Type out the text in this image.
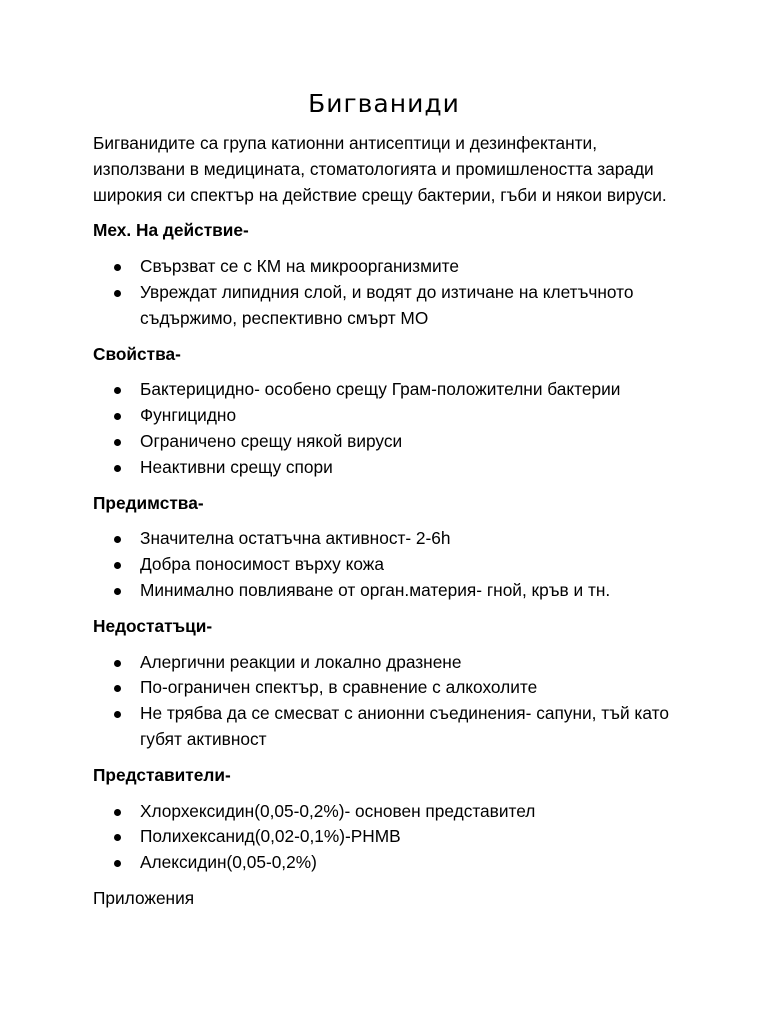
Бигваниди

Бигванидите са група катионни антисептици и дезинфектанти, използвани в медицината, стоматологията и промишлеността заради широкия си спектър на действие срещу бактерии, гъби и някои вируси.

Мех. На действие-

Свързват се с КМ на микроорганизмите
Увреждат липидния слой, и водят до изтичане на клетъчното съдържимо, респективно смърт МО

Свойства-

Бактерицидно- особено срещу Грам-положителни бактерии
Фунгицидно
Ограничено срещу някой вируси
Неактивни срещу спори

Предимства-

Значителна остатъчна активност- 2-6h
Добра поносимост върху кожа
Минимално повлияване от орган.материя- гной, кръв и тн.

Недостатъци-

Алергични реакции и локално дразнене
По-ограничен спектър, в сравнение с алкохолите
Не трябва да се смесват с анионни съединения- сапуни, тъй като губят активност

Представители-

Хлорхексидин(0,05-0,2%)- основен представител
Полихексанид(0,02-0,1%)-PHMB
Алексидин(0,05-0,2%)

Приложения
